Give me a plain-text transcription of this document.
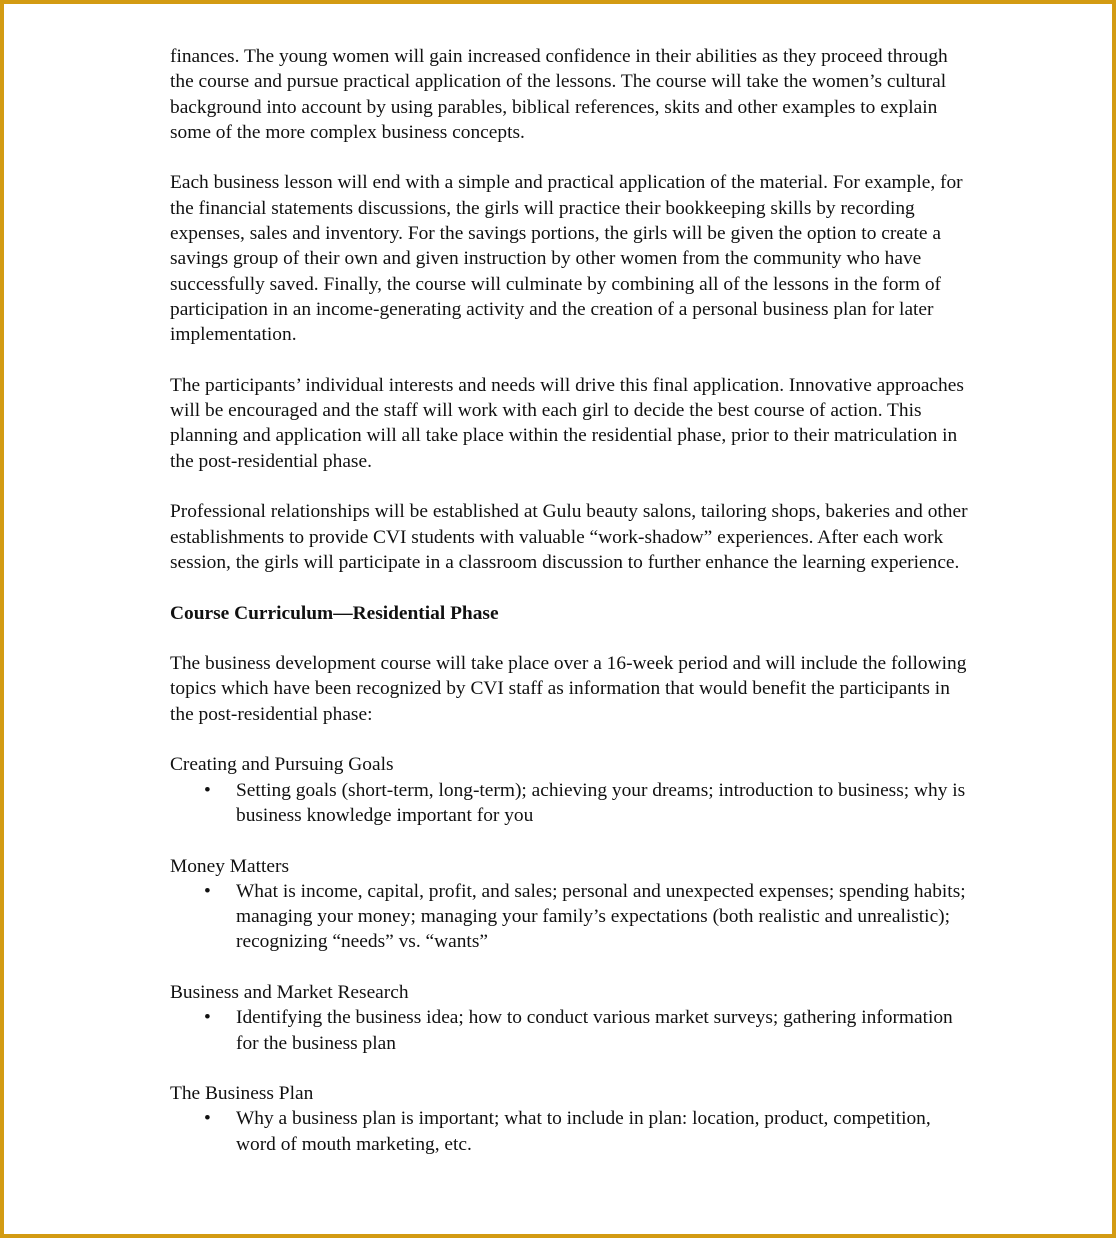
finances. The young women will gain increased confidence in their abilities as they proceed through the course and pursue practical application of the lessons. The course will take the women’s cultural background into account by using parables, biblical references, skits and other examples to explain some of the more complex business concepts.

Each business lesson will end with a simple and practical application of the material. For example, for the financial statements discussions, the girls will practice their bookkeeping skills by recording expenses, sales and inventory. For the savings portions, the girls will be given the option to create a savings group of their own and given instruction by other women from the community who have successfully saved. Finally, the course will culminate by combining all of the lessons in the form of participation in an income-generating activity and the creation of a personal business plan for later implementation.

The participants’ individual interests and needs will drive this final application. Innovative approaches will be encouraged and the staff will work with each girl to decide the best course of action. This planning and application will all take place within the residential phase, prior to their matriculation in the post-residential phase.

Professional relationships will be established at Gulu beauty salons, tailoring shops, bakeries and other establishments to provide CVI students with valuable “work-shadow” experiences. After each work session, the girls will participate in a classroom discussion to further enhance the learning experience.

Course Curriculum—Residential Phase

The business development course will take place over a 16-week period and will include the following topics which have been recognized by CVI staff as information that would benefit the participants in the post-residential phase:

Creating and Pursuing Goals

• Setting goals (short-term, long-term); achieving your dreams; introduction to business; why is business knowledge important for you

Money Matters

• What is income, capital, profit, and sales; personal and unexpected expenses; spending habits; managing your money; managing your family’s expectations (both realistic and unrealistic); recognizing “needs” vs. “wants”

Business and Market Research

• Identifying the business idea; how to conduct various market surveys; gathering information for the business plan

The Business Plan

• Why a business plan is important; what to include in plan: location, product, competition, word of mouth marketing, etc.
